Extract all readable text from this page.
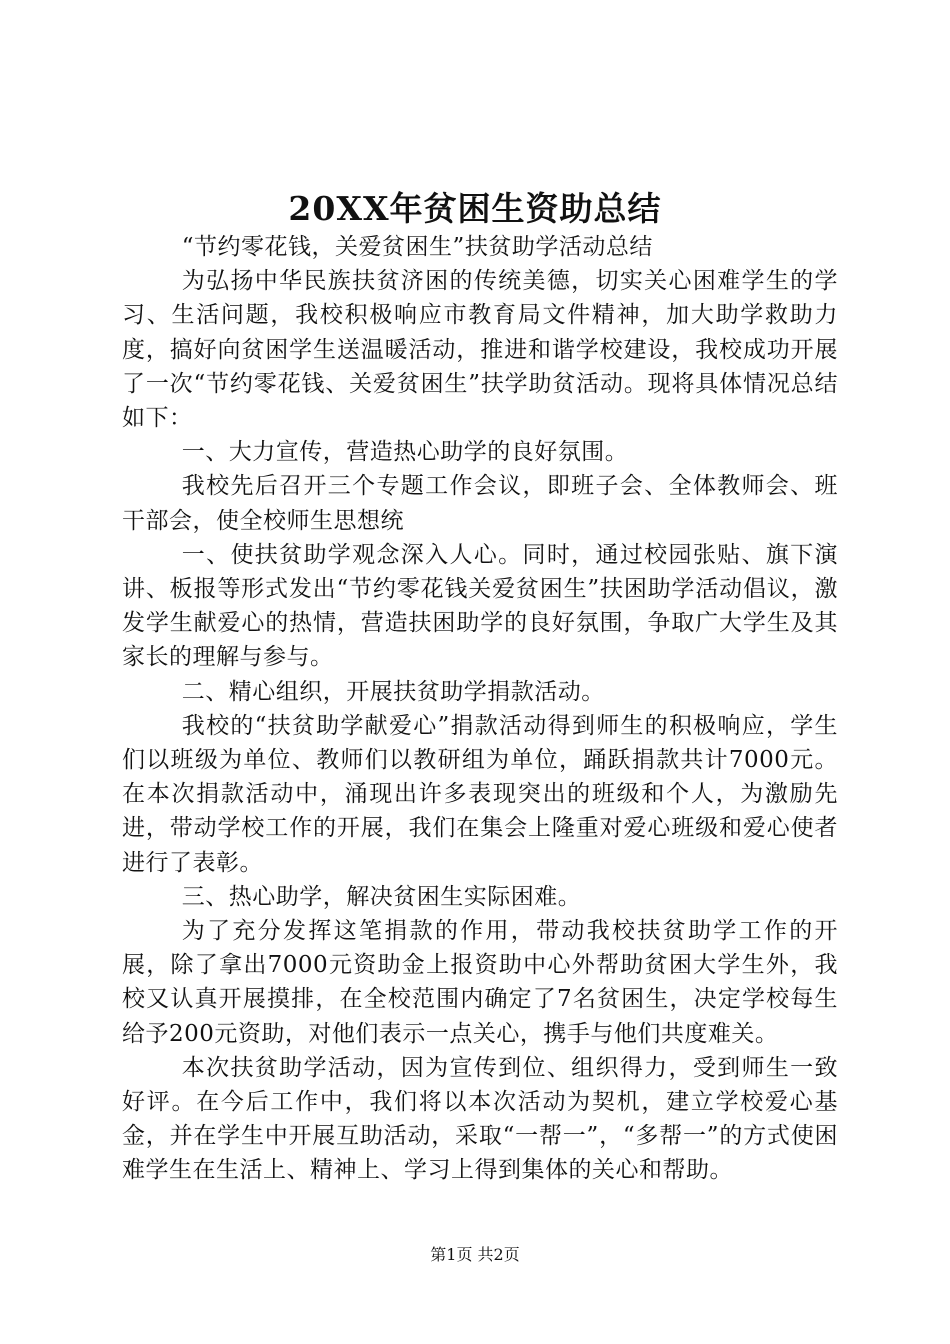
20XX年贫困生资助总结

“节约零花钱，关爱贫困生”扶贫助学活动总结

为弘扬中华民族扶贫济困的传统美德，切实关心困难学生的学习、生活问题，我校积极响应市教育局文件精神，加大助学救助力度，搞好向贫困学生送温暖活动，推进和谐学校建设，我校成功开展了一次“节约零花钱、关爱贫困生”扶学助贫活动。现将具体情况总结如下：

一、大力宣传，营造热心助学的良好氛围。

我校先后召开三个专题工作会议，即班子会、全体教师会、班干部会，使全校师生思想统

一、使扶贫助学观念深入人心。同时，通过校园张贴、旗下演讲、板报等形式发出“节约零花钱关爱贫困生”扶困助学活动倡议，激发学生献爱心的热情，营造扶困助学的良好氛围，争取广大学生及其家长的理解与参与。

二、精心组织，开展扶贫助学捐款活动。

我校的“扶贫助学献爱心”捐款活动得到师生的积极响应，学生们以班级为单位、教师们以教研组为单位，踊跃捐款共计7000元。在本次捐款活动中，涌现出许多表现突出的班级和个人，为激励先进，带动学校工作的开展，我们在集会上隆重对爱心班级和爱心使者进行了表彰。

三、热心助学，解决贫困生实际困难。

为了充分发挥这笔捐款的作用，带动我校扶贫助学工作的开展，除了拿出7000元资助金上报资助中心外帮助贫困大学生外，我校又认真开展摸排，在全校范围内确定了7名贫困生，决定学校每生给予200元资助，对他们表示一点关心，携手与他们共度难关。

本次扶贫助学活动，因为宣传到位、组织得力，受到师生一致好评。在今后工作中，我们将以本次活动为契机，建立学校爱心基金，并在学生中开展互助活动，采取“一帮一”，“多帮一”的方式使困难学生在生活上、精神上、学习上得到集体的关心和帮助。

第1页 共2页
